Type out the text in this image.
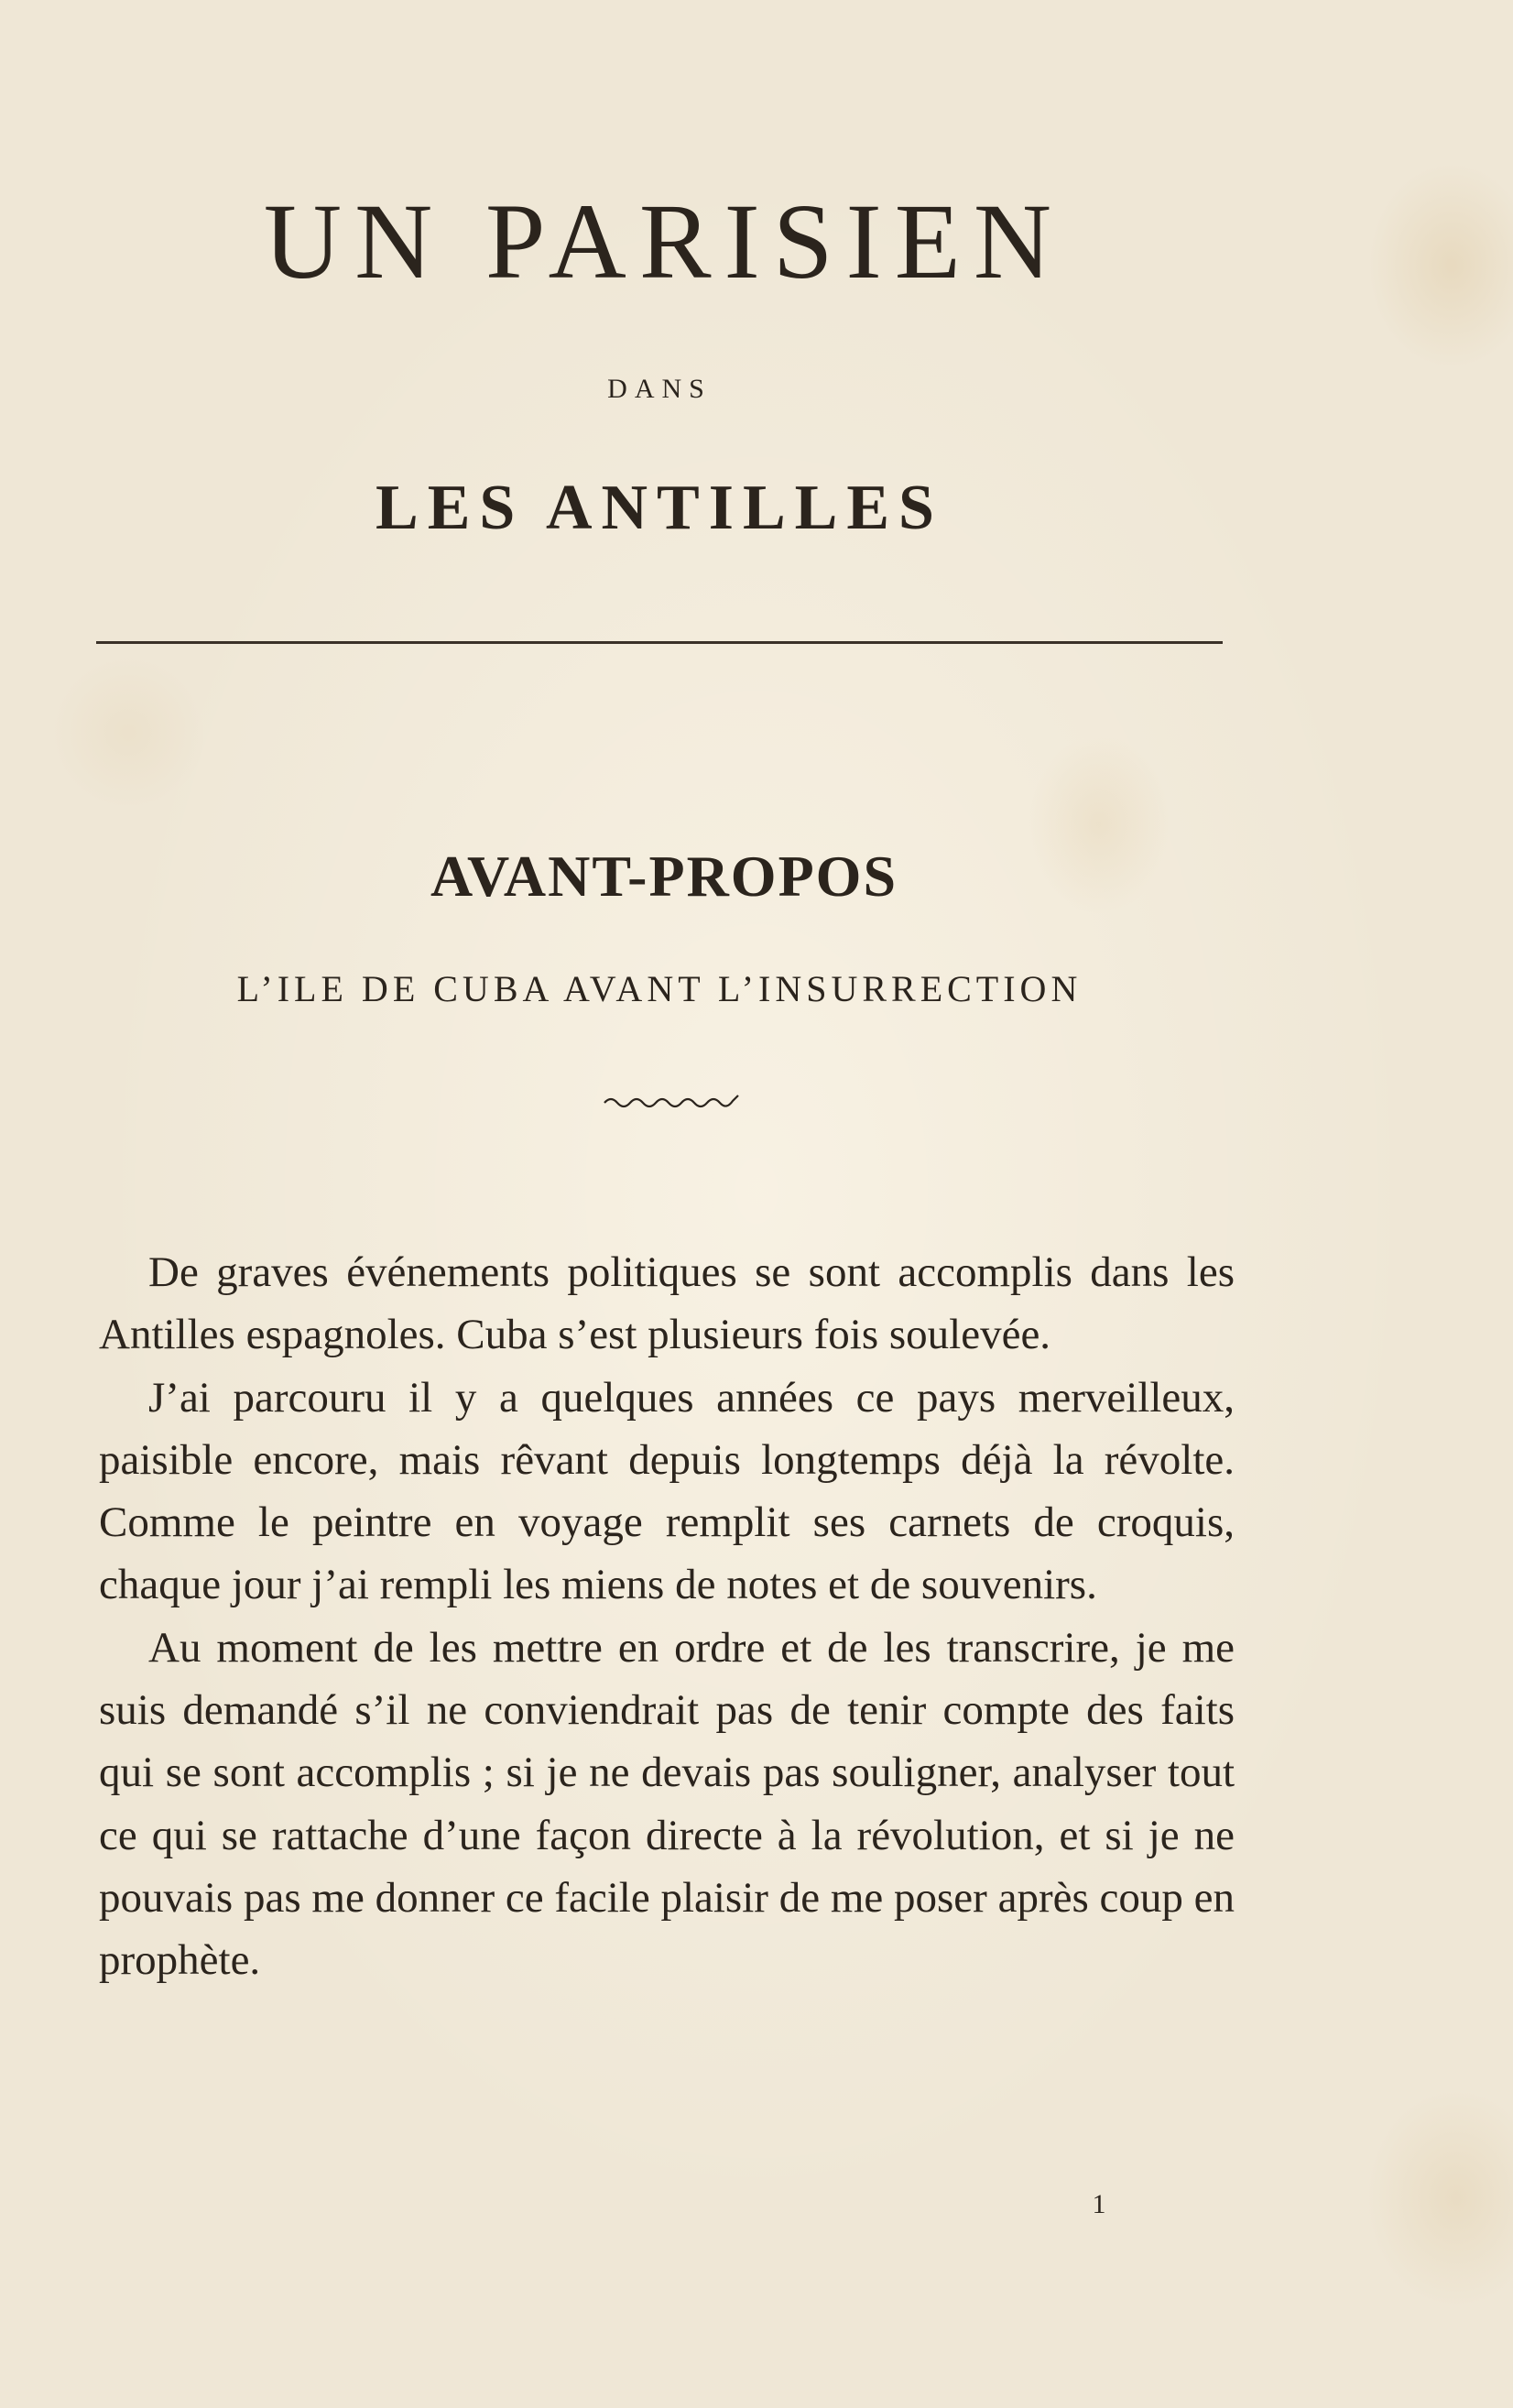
UN PARISIEN
DANS
LES ANTILLES
AVANT-PROPOS
L’ILE DE CUBA AVANT L’INSURRECTION

De graves événements politiques se sont accomplis dans les Antilles espagnoles. Cuba s’est plusieurs fois soulevée.

J’ai parcouru il y a quelques années ce pays merveilleux, paisible encore, mais rêvant depuis longtemps déjà la révolte. Comme le peintre en voyage remplit ses carnets de croquis, chaque jour j’ai rempli les miens de notes et de souvenirs.

Au moment de les mettre en ordre et de les transcrire, je me suis demandé s’il ne conviendrait pas de tenir compte des faits qui se sont accomplis ; si je ne devais pas souligner, analyser tout ce qui se rattache d’une façon directe à la révolution, et si je ne pouvais pas me donner ce facile plaisir de me poser après coup en prophète.

1
